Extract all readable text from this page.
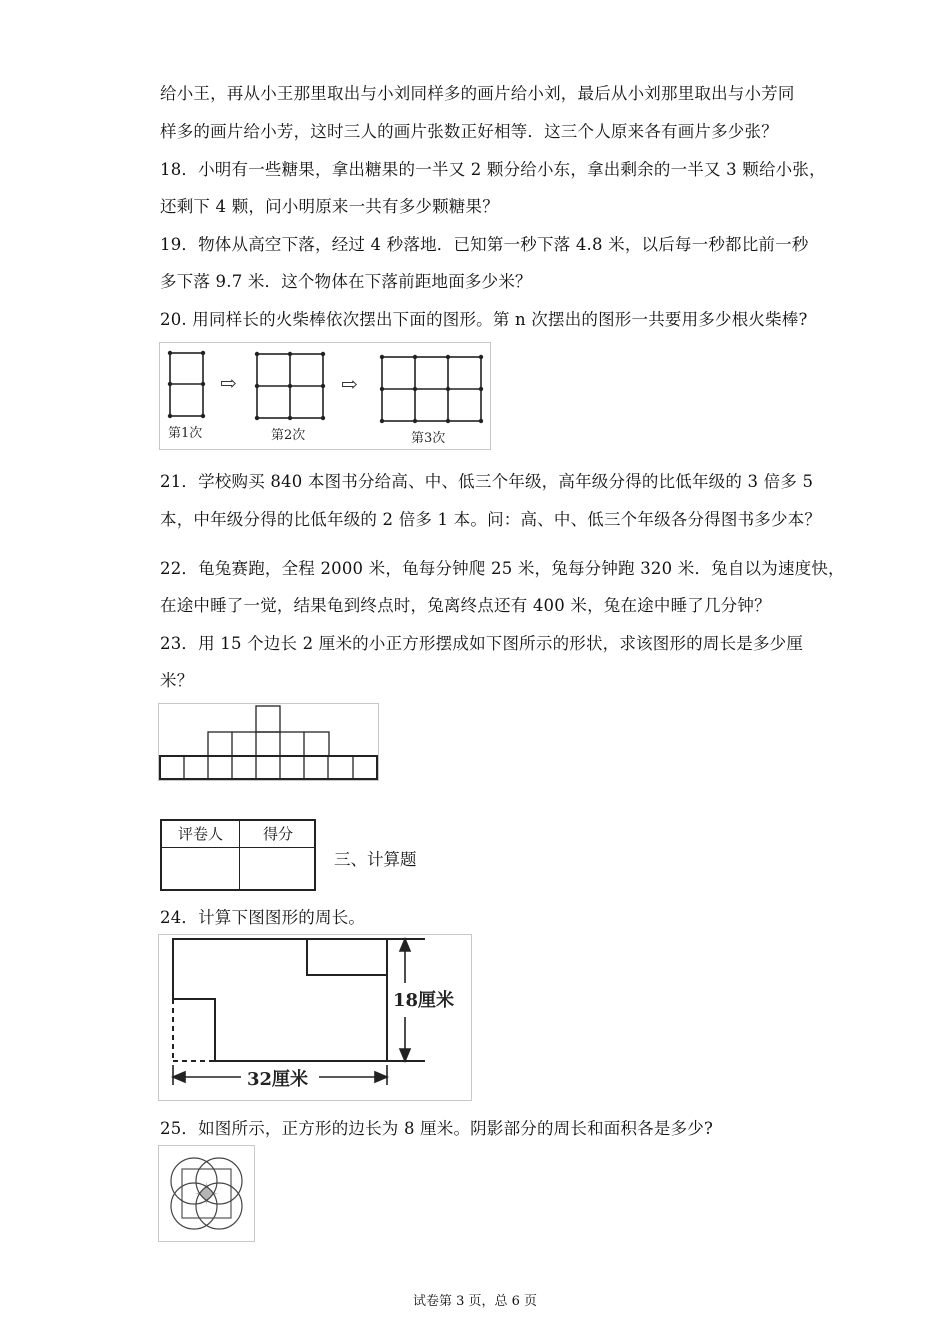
给小王，再从小王那里取出与小刘同样多的画片给小刘，最后从小刘那里取出与小芳同
样多的画片给小芳，这时三人的画片张数正好相等．这三个人原来各有画片多少张？
18．小明有一些糖果，拿出糖果的一半又 2 颗分给小东，拿出剩余的一半又 3 颗给小张，
还剩下 4 颗，问小明原来一共有多少颗糖果？
19．物体从高空下落，经过 4 秒落地．已知第一秒下落 4.8 米，以后每一秒都比前一秒
多下落 9.7 米．这个物体在下落前距地面多少米？
20. 用同样长的火柴棒依次摆出下面的图形。第 n 次摆出的图形一共要用多少根火柴棒?
⇨	⇨
第1次	第2次	第3次
21．学校购买 840 本图书分给高、中、低三个年级，高年级分得的比低年级的 3 倍多 5
本，中年级分得的比低年级的 2 倍多 1 本。问：高、中、低三个年级各分得图书多少本？
22．龟兔赛跑，全程 2000 米，龟每分钟爬 25 米，兔每分钟跑 320 米．兔自以为速度快，
在途中睡了一觉，结果龟到终点时，兔离终点还有 400 米，兔在途中睡了几分钟？
23．用 15 个边长 2 厘米的小正方形摆成如下图所示的形状，求该图形的周长是多少厘
米？
评卷人	得分
三、计算题
24．计算下图图形的周长。
18厘米
32厘米
25．如图所示，正方形的边长为 8 厘米。阴影部分的周长和面积各是多少?
试卷第 3 页，总 6 页
